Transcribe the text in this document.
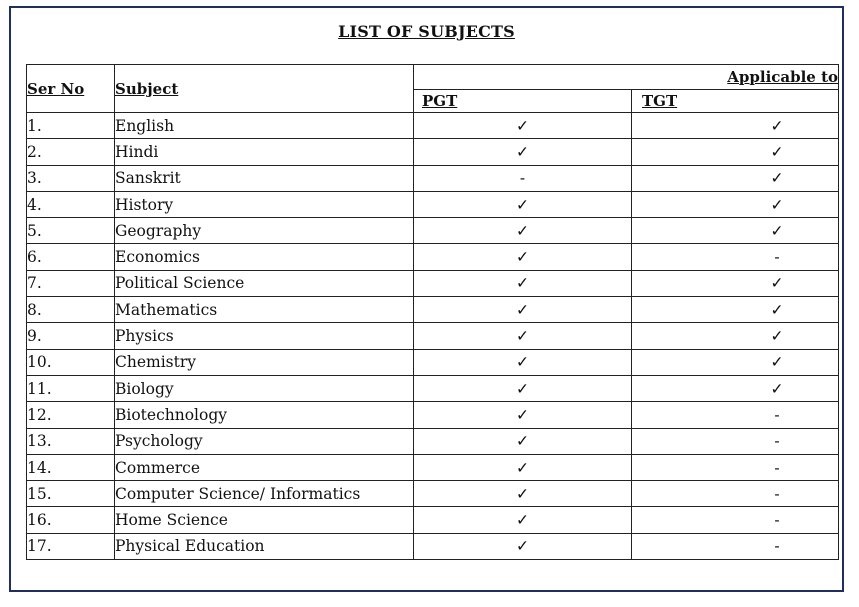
LIST OF SUBJECTS
Ser No	Subject	Applicable to	
		PGT	TGT
1.	English	✓	✓
2.	Hindi	✓	✓
3.	Sanskrit	-	✓
4.	History	✓	✓
5.	Geography	✓	✓
6.	Economics	✓	-
7.	Political Science	✓	✓
8.	Mathematics	✓	✓
9.	Physics	✓	✓
10.	Chemistry	✓	✓
11.	Biology	✓	✓
12.	Biotechnology	✓	-
13.	Psychology	✓	-
14.	Commerce	✓	-
15.	Computer Science/ Informatics	✓	-
16.	Home Science	✓	-
17.	Physical Education	✓	-
